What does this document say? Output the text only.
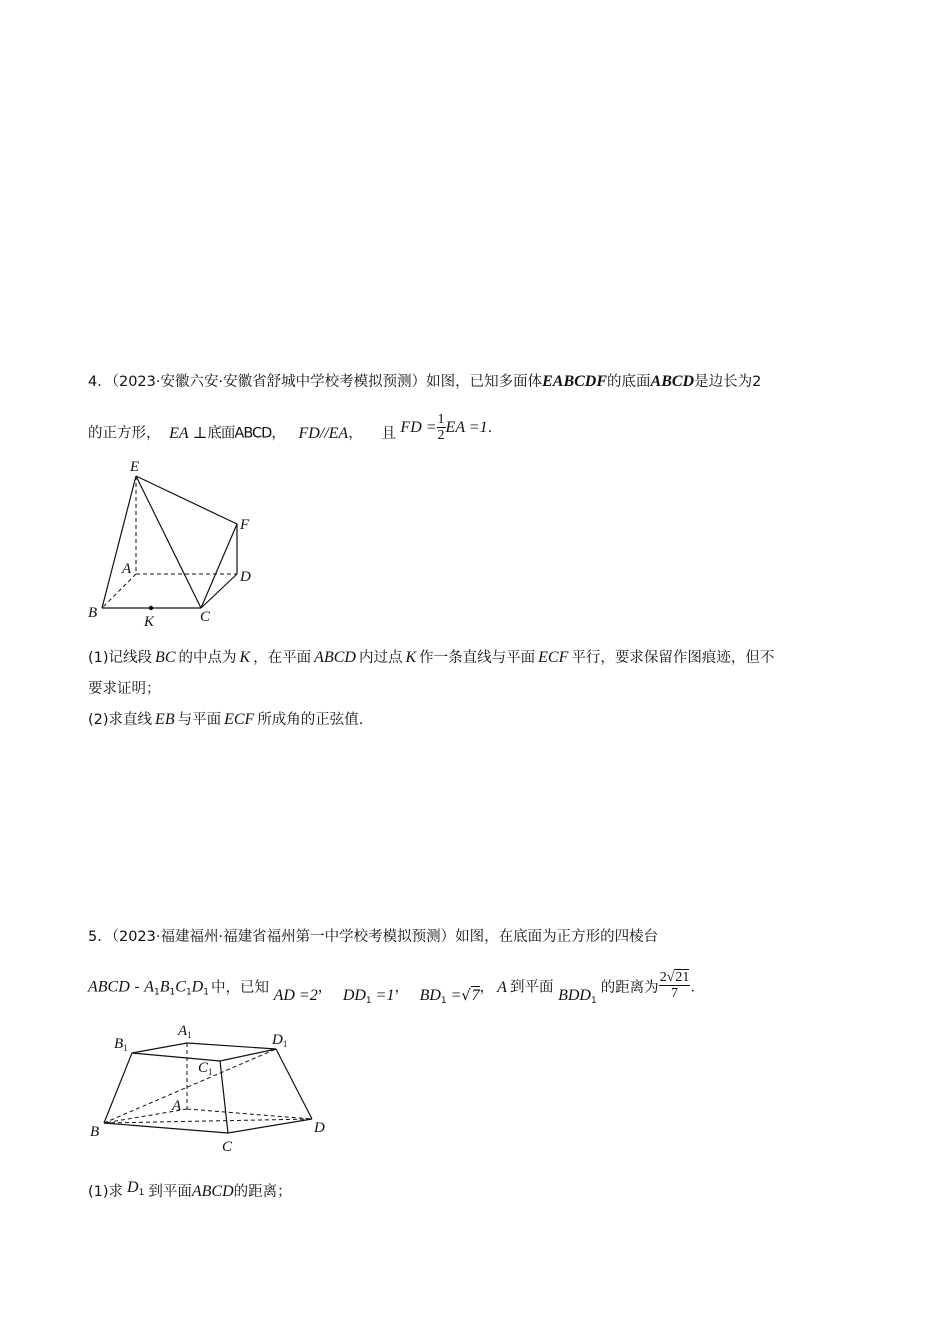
4．（2023·安徽六安·安徽省舒城中学校考模拟预测）如图，已知多面体EABCDF的底面ABCD是边长为2
的正方形， EA ⊥底面ABCD， FD//EA， 且 FD = $\frac{1}{2}$ EA =1.
E
F
A	D
B	C
K
(1)记线段 BC 的中点为 K ，在平面 ABCD 内过点 K 作一条直线与平面 ECF 平行，要求保留作图痕迹，但不
要求证明；
(2)求直线 EB 与平面 ECF 所成角的正弦值.
5．（2023·福建福州·福建省福州第一中学校考模拟预测）如图，在底面为正方形的四棱台
ABCD - $A_1B_1C_1D_1$ 中，已知 AD =2， $DD_1 =1$， $BD_1 =√7$， A 到平面 $BDD_1$的距离为 $\frac{2√21}{7}$ .
$B_1$
$A_1$	$D_1$
$C_1$
A
B
C
D
(1)求 $D_1$ 到平面ABCD的距离；
